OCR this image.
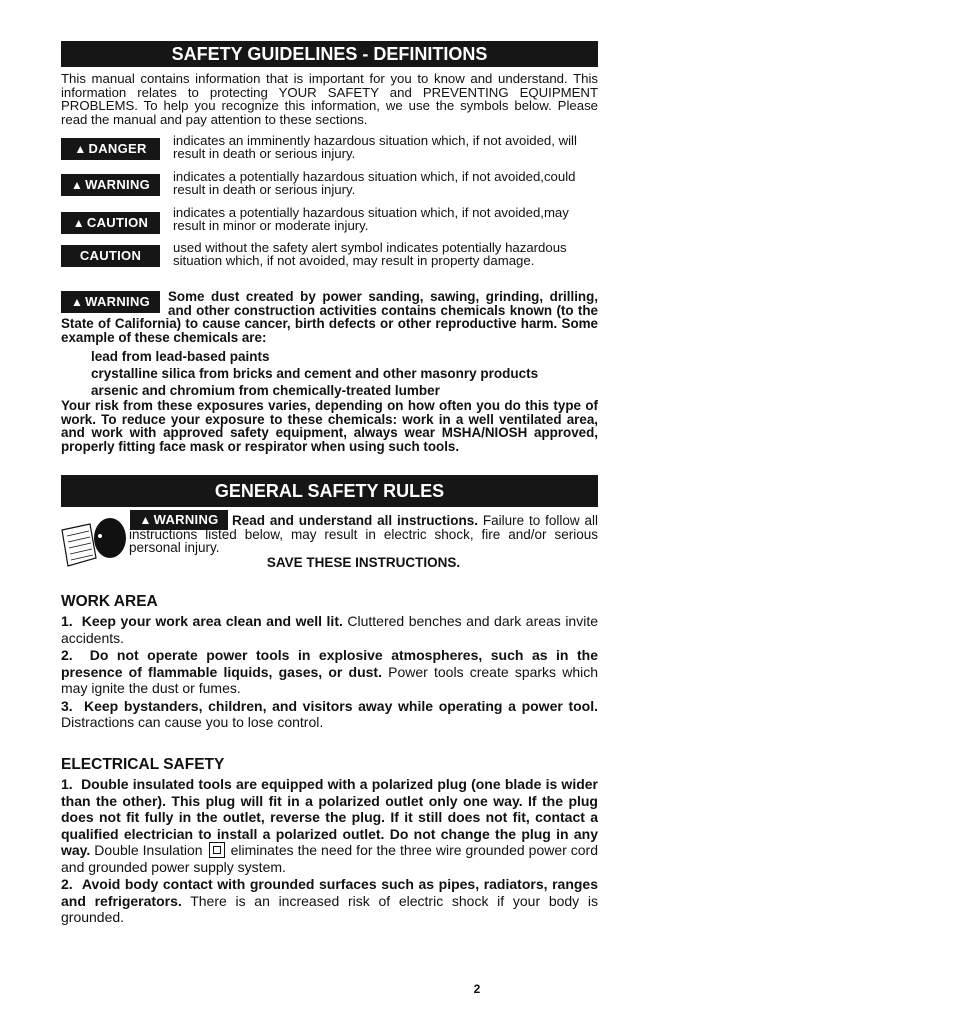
SAFETY GUIDELINES - DEFINITIONS
This manual contains information that is important for you to know and understand. This information relates to protecting YOUR SAFETY and PREVENTING EQUIPMENT PROBLEMS. To help you recognize this information, we use the symbols below. Please read the manual and pay attention to these sections.
▲ DANGER
indicates an imminently hazardous situation which, if not avoided, will result in death or serious injury.
▲ WARNING
indicates a potentially hazardous situation which, if not avoided,could result in death or serious injury.
▲ CAUTION
indicates a potentially hazardous situation which, if not avoided,may result in minor or moderate injury.
CAUTION
used without the safety alert symbol indicates potentially hazardous situation which, if not avoided, may result in property damage.
▲ WARNING	Some dust created by power sanding, sawing, grinding, drilling, and other construction activities contains chemicals known (to the State of California) to cause cancer, birth defects or other reproductive harm. Some example of these chemicals are:
lead from lead-based paints
crystalline silica from bricks and cement and other masonry products
arsenic and chromium from chemically-treated lumber
Your risk from these exposures varies, depending on how often you do this type of work. To reduce your exposure to these chemicals: work in a well ventilated area, and work with approved safety equipment, always wear MSHA/NIOSH approved, properly fitting face mask or respirator when using such tools.
GENERAL SAFETY RULES
▲ WARNING Read and understand all instructions. Failure to follow all instructions listed below, may result in electric shock, fire and/or serious personal injury.
SAVE THESE INSTRUCTIONS.
WORK AREA

1. Keep your work area clean and well lit. Cluttered benches and dark areas invite accidents.

2. Do not operate power tools in explosive atmospheres, such as in the presence of flammable liquids, gases, or dust. Power tools create sparks which may ignite the dust or fumes.

3. Keep bystanders, children, and visitors away while operating a power tool. Distractions can cause you to lose control.

ELECTRICAL SAFETY

1. Double insulated tools are equipped with a polarized plug (one blade is wider than the other). This plug will fit in a polarized outlet only one way. If the plug does not fit fully in the outlet, reverse the plug. If it still does not fit, contact a qualified electrician to install a polarized outlet. Do not change the plug in any way. Double Insulation  eliminates the need for the three wire grounded power cord and grounded power supply system.

2. Avoid body contact with grounded surfaces such as pipes, radiators, ranges and refrigerators. There is an increased risk of electric shock if your body is grounded.

2
